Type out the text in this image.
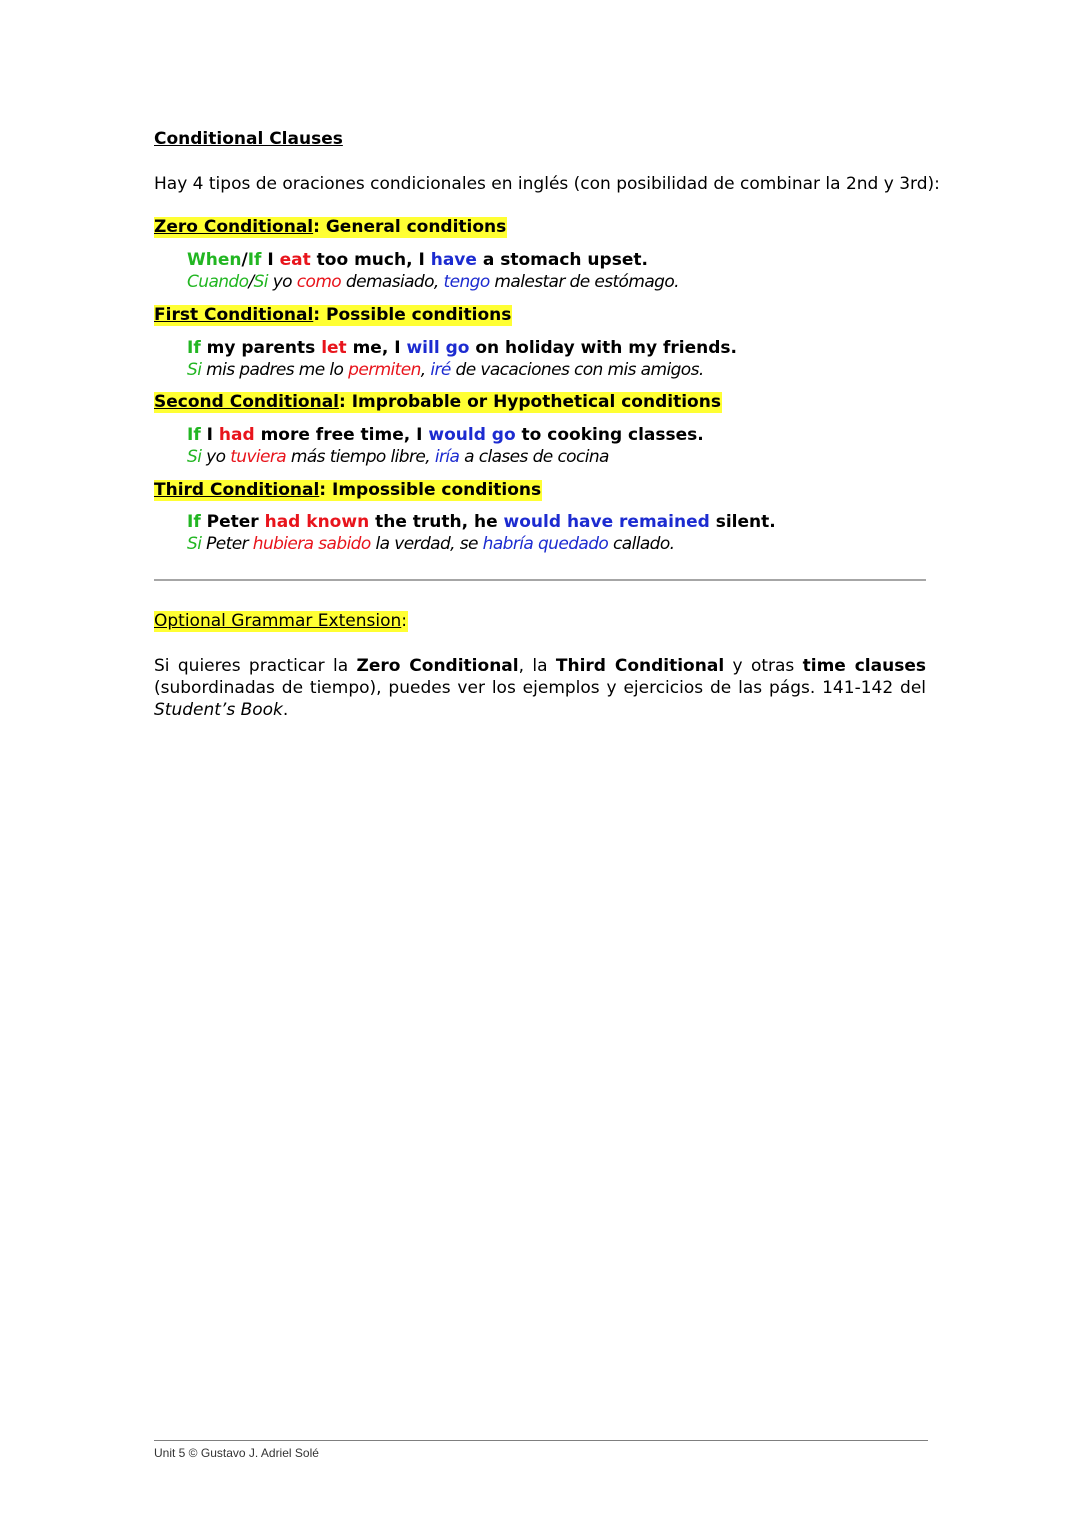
Conditional Clauses
Hay 4 tipos de oraciones condicionales en inglés (con posibilidad de combinar la 2nd y 3rd):
Zero Conditional: General conditions
When/If I eat too much, I have a stomach upset.
Cuando/Si yo como demasiado, tengo malestar de estómago.
First Conditional: Possible conditions
If my parents let me, I will go on holiday with my friends.
Si mis padres me lo permiten, iré de vacaciones con mis amigos.
Second Conditional: Improbable or Hypothetical conditions
If I had more free time, I would go to cooking classes.
Si yo tuviera más tiempo libre, iría a clases de cocina
Third Conditional: Impossible conditions
If Peter had known the truth, he would have remained silent.
Si Peter hubiera sabido la verdad, se habría quedado callado.
Optional Grammar Extension:
Si quieres practicar la Zero Conditional, la Third Conditional y otras time clauses (subordinadas de tiempo), puedes ver los ejemplos y ejercicios de las págs. 141-142 del Student’s Book.
Unit 5 © Gustavo J. Adriel Solé
